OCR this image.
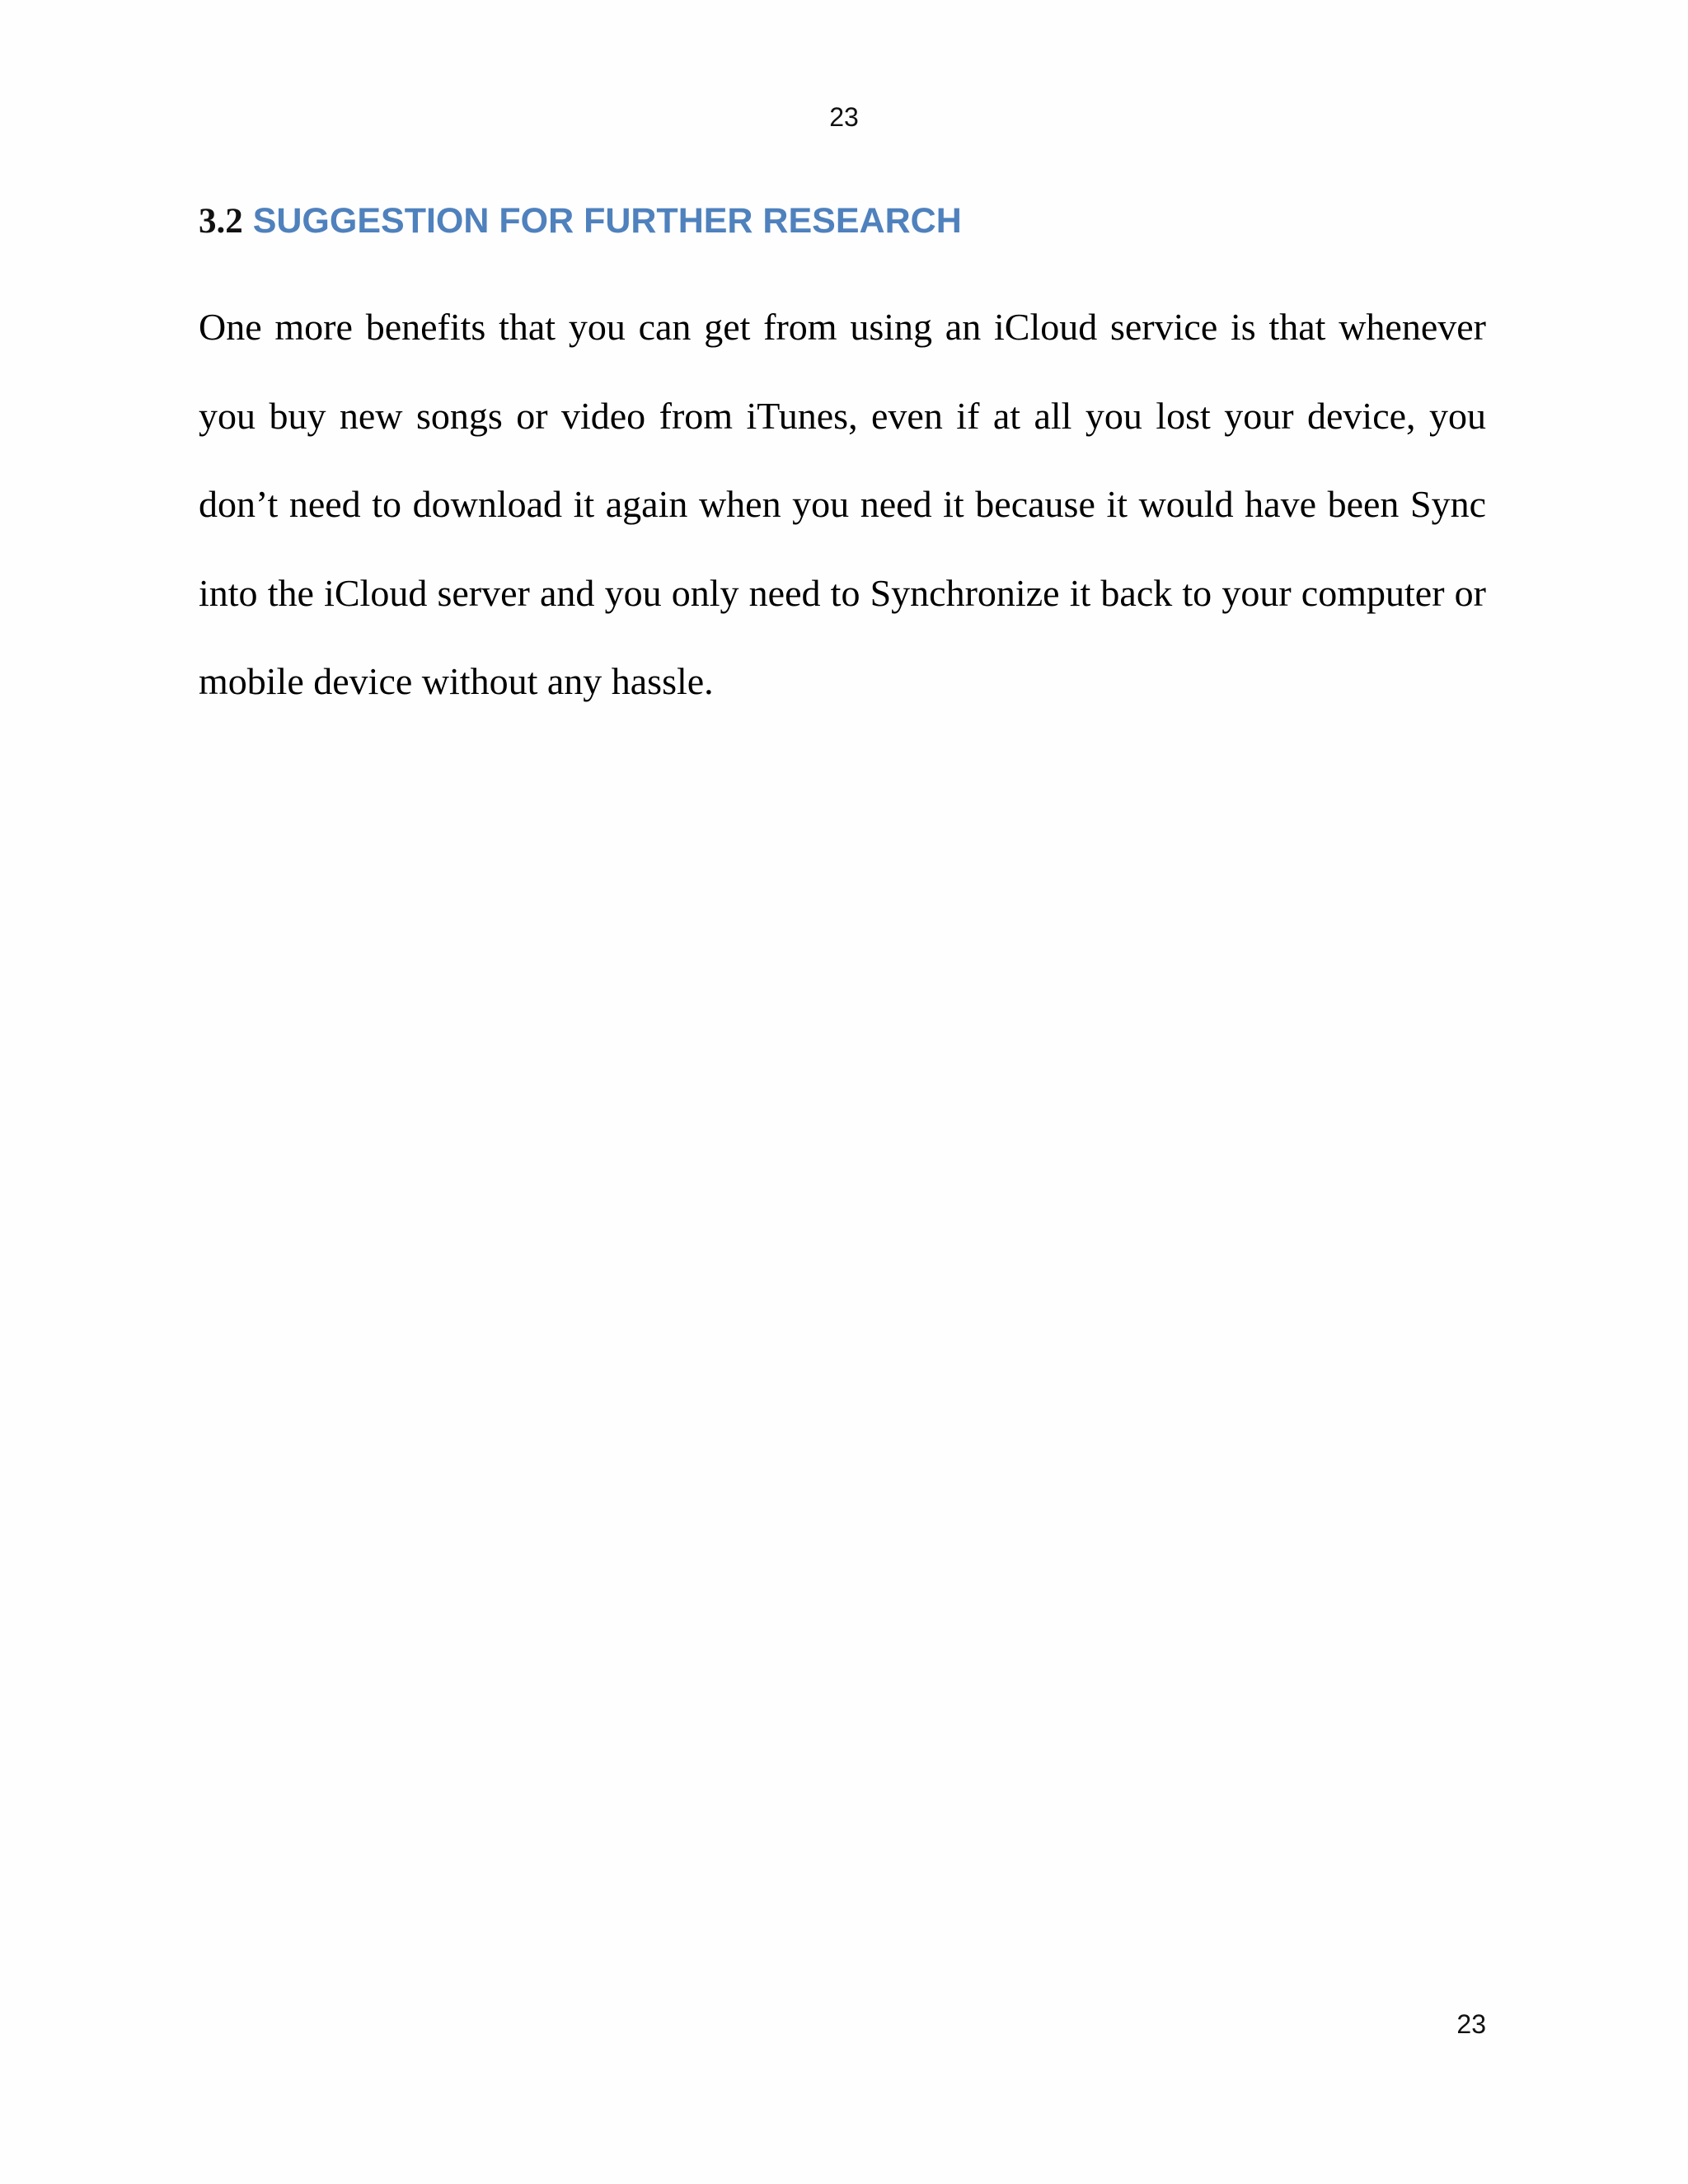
23
3.2 SUGGESTION FOR FURTHER RESEARCH

One more benefits that you can get from using an iCloud service is that whenever you buy new songs or video from iTunes, even if at all you lost your device, you don’t need to download it again when you need it because it would have been Sync into the iCloud server and you only need to Synchronize it back to your computer or mobile device without any hassle.

23
